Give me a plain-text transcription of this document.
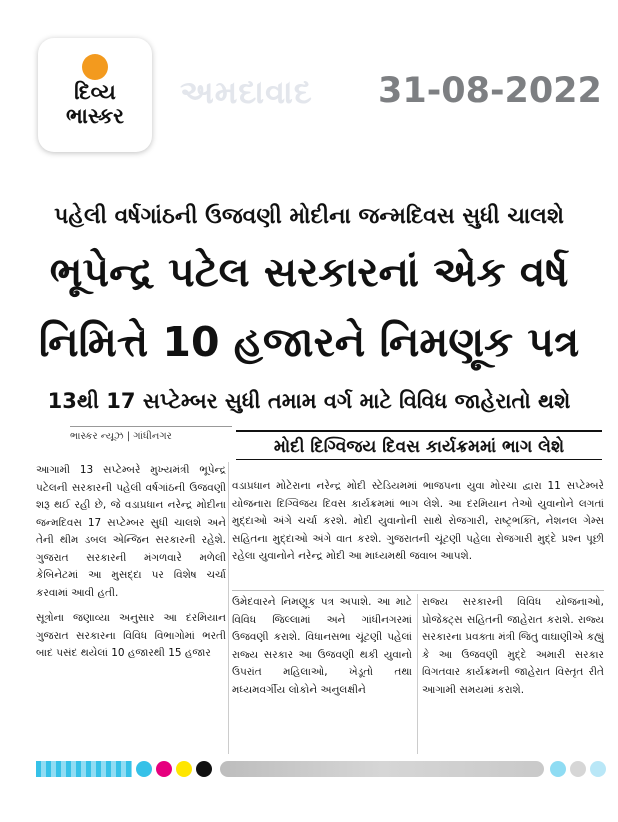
દિવ્ય
ભાસ્કર
અમદાવાદ 31-08-2022
પહેલી વર્ષગાંઠની ઉજવણી મોદીના જન્મદિવસ સુધી ચાલશે
ભૂપેન્દ્ર પટેલ સરકારનાં એક વર્ષ
નિમિત્તે 10 હજારને નિમણૂક પત્ર
13થી 17 સપ્ટેમ્બર સુધી તમામ વર્ગ માટે વિવિધ જાહેરાતો થશે
ભાસ્કર ન્યૂઝ | ગાંધીનગર
મોદી દિગ્વિજય દિવસ કાર્યક્રમમાં ભાગ લેશે

આગામી 13 સપ્ટેમ્બરે મુખ્યમંત્રી ભૂપેન્દ્ર પટેલની સરકારની પહેલી વર્ષગાંઠની ઉજવણી શરૂ થઈ રહી છે, જે વડાપ્રધાન નરેન્દ્ર મોદીના જન્મદિવસ 17 સપ્ટેમ્બર સુધી ચાલશે અને તેની થીમ ડબલ એન્જિન સરકારની રહેશે. ગુજરાત સરકારની મંગળવારે મળેલી કેબિનેટમાં આ મુસદ્દા પર વિશેષ ચર્ચા કરવામાં આવી હતી.

સૂત્રોના જણાવ્યા અનુસાર આ દરમિયાન ગુજરાત સરકારના વિવિધ વિભાગોમાં ભરતી બાદ પસંદ થયેલાં 10 હજારથી 15 હજાર

વડાપ્રધાન મોટેરાના નરેન્દ્ર મોદી સ્ટેડિયમમાં ભાજપના યુવા મોરચા દ્વારા 11 સપ્ટેમ્બરે યોજનારા દિગ્વિજય દિવસ કાર્યક્રમમાં ભાગ લેશે. આ દરમિયાન તેઓ યુવાનોને લગતાં મુદ્દાઓ અંગે ચર્ચા કરશે. મોદી યુવાનોની સાથે રોજગારી, રાષ્ટ્રભક્તિ, નેશનલ ગેમ્સ સહિતના મુદ્દાઓ અંગે વાત કરશે. ગુજરાતની ચૂંટણી પહેલા રોજગારી મુદ્દે પ્રશ્ન પૂછી રહેલા યુવાનોને નરેન્દ્ર મોદી આ માધ્યમથી જવાબ આપશે.
ઉમેદવારને નિમણૂક પત્ર અપાશે. આ માટે વિવિધ જિલ્લામાં અને ગાંધીનગરમાં ઉજવણી કરાશે. વિધાનસભા ચૂંટણી પહેલાં રાજ્ય સરકાર આ ઉજવણી થકી યુવાનો ઉપરાંત મહિલાઓ, ખેડૂતો તથા મધ્યમવર્ગીય લોકોને અનુલક્ષીને
રાજ્ય સરકારની વિવિધ યોજનાઓ, પ્રોજેક્ટ્સ સહિતની જાહેરાત કરાશે. રાજ્ય સરકારના પ્રવક્તા મંત્રી જિતુ વાઘાણીએ કહ્યું કે આ ઉજવણી મુદ્દે અમારી સરકાર વિગતવાર કાર્યક્રમની જાહેરાત વિસ્તૃત રીતે આગામી સમયમાં કરાશે.
